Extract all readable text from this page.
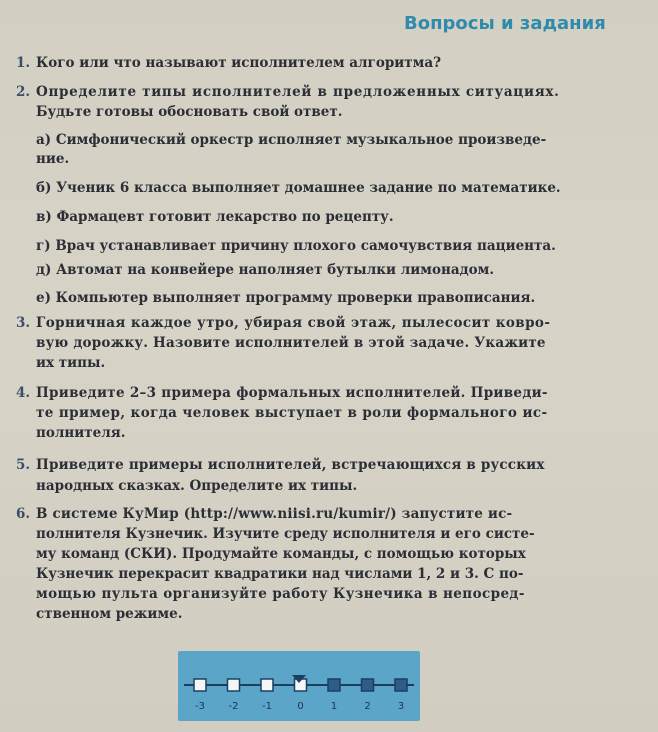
Вопросы и задания
1. Кого или что называют исполнителем алгоритма?
2. Определите типы исполнителей в предложенных ситуациях.
Будьте готовы обосновать свой ответ.
а) Симфонический оркестр исполняет музыкальное произведе-
ние.
б) Ученик 6 класса выполняет домашнее задание по математике.
в) Фармацевт готовит лекарство по рецепту.
г) Врач устанавливает причину плохого самочувствия пациента.
д) Автомат на конвейере наполняет бутылки лимонадом.
е) Компьютер выполняет программу проверки правописания.
3. Горничная каждое утро, убирая свой этаж, пылесосит ковро-
вую дорожку. Назовите исполнителей в этой задаче. Укажите
их типы.
4. Приведите 2–3 примера формальных исполнителей. Приведи-
те пример, когда человек выступает в роли формального ис-
полнителя.
5. Приведите примеры исполнителей, встречающихся в русских
народных сказках. Определите их типы.
6. В системе КуМир (http://www.niisi.ru/kumir/) запустите ис-
полнителя Кузнечик. Изучите среду исполнителя и его систе-
му команд (СКИ). Продумайте команды, с помощью которых
Кузнечик перекрасит квадратики над числами 1, 2 и 3. С по-
мощью пульта организуйте работу Кузнечика в непосред-
ственном режиме.
-3 -2 -1	0	1	2	3
